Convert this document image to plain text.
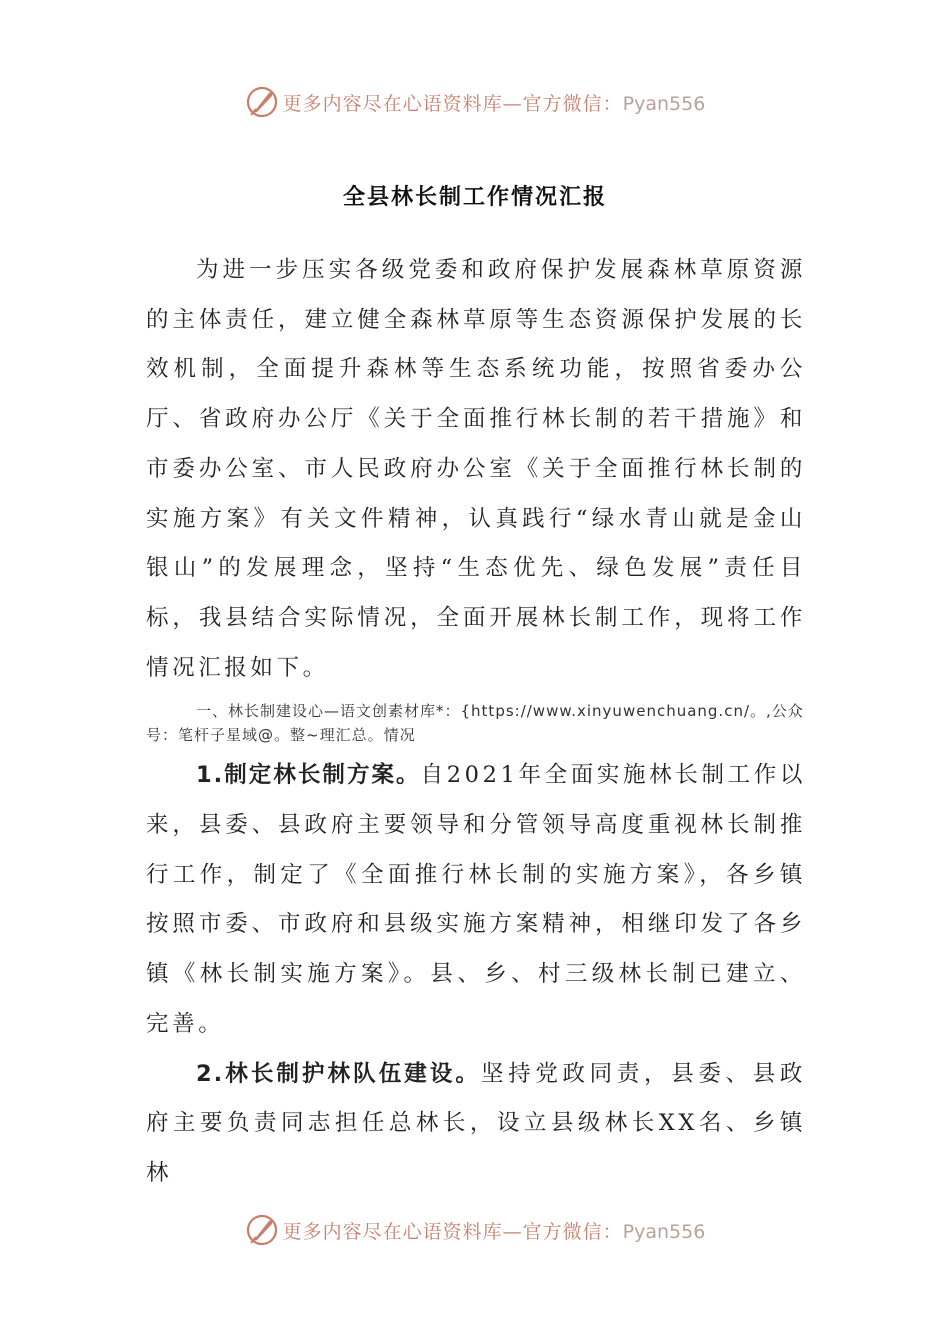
更多内容尽在心语资料库—官方微信：Pyan556
全县林长制工作情况汇报

为进一步压实各级党委和政府保护发展森林草原资源的主体责任，建立健全森林草原等生态资源保护发展的长效机制，全面提升森林等生态系统功能，按照省委办公厅、省政府办公厅《关于全面推行林长制的若干措施》和市委办公室、市人民政府办公室《关于全面推行林长制的实施方案》有关文件精神，认真践行“绿水青山就是金山银山”的发展理念，坚持“生态优先、绿色发展”责任目标，我县结合实际情况，全面开展林长制工作，现将工作情况汇报如下。

一、林长制建设心—语文创素材库*：{https://www.xinyuwenchuang.cn/。,公众号：笔杆子星域@。整~理汇总。情况

1.制定林长制方案。自2021年全面实施林长制工作以来，县委、县政府主要领导和分管领导高度重视林长制推行工作，制定了《全面推行林长制的实施方案》，各乡镇按照市委、市政府和县级实施方案精神，相继印发了各乡镇《林长制实施方案》。县、乡、村三级林长制已建立、完善。

2.林长制护林队伍建设。坚持党政同责，县委、县政府主要负责同志担任总林长，设立县级林长XX名、乡镇林

更多内容尽在心语资料库—官方微信：Pyan556
